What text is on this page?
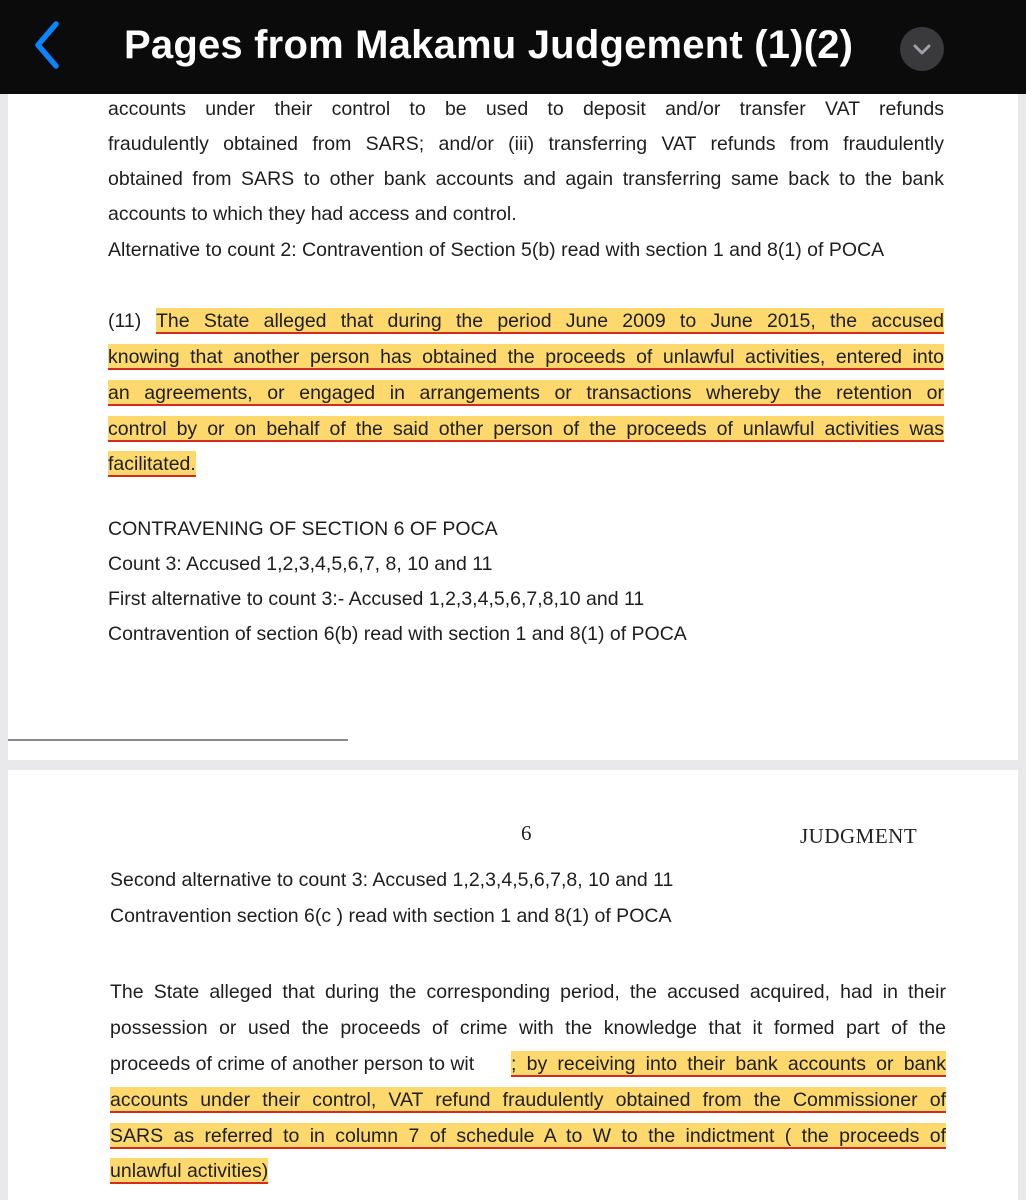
Pages from Makamu Judgement (1)(2)
accounts under their control to be used to deposit and/or transfer VAT refunds
fraudulently obtained from SARS; and/or (iii) transferring VAT refunds from fraudulently
obtained from SARS to other bank accounts and again transferring same back to the bank
accounts to which they had access and control.
Alternative to count 2: Contravention of Section 5(b) read with section 1 and 8(1) of POCA
(11) The State alleged that during the period June 2009 to June 2015, the accused
knowing that another person has obtained the proceeds of unlawful activities, entered into
an agreements, or engaged in arrangements or transactions whereby the retention or
control by or on behalf of the said other person of the proceeds of unlawful activities was
facilitated.
CONTRAVENING OF SECTION 6 OF POCA
Count 3: Accused 1,2,3,4,5,6,7, 8, 10 and 11
First alternative to count 3:- Accused 1,2,3,4,5,6,7,8,10 and 11
Contravention of section 6(b) read with section 1 and 8(1) of POCA
6	JUDGMENT
Second alternative to count 3: Accused 1,2,3,4,5,6,7,8, 10 and 11
Contravention section 6(c ) read with section 1 and 8(1) of POCA
The State alleged that during the corresponding period, the accused acquired, had in their
possession or used the proceeds of crime with the knowledge that it formed part of the
proceeds of crime of another person to wit ; by receiving into their bank accounts or bank
accounts under their control, VAT refund fraudulently obtained from the Commissioner of
SARS as referred to in column 7 of schedule A to W to the indictment ( the proceeds of
unlawful activities)
